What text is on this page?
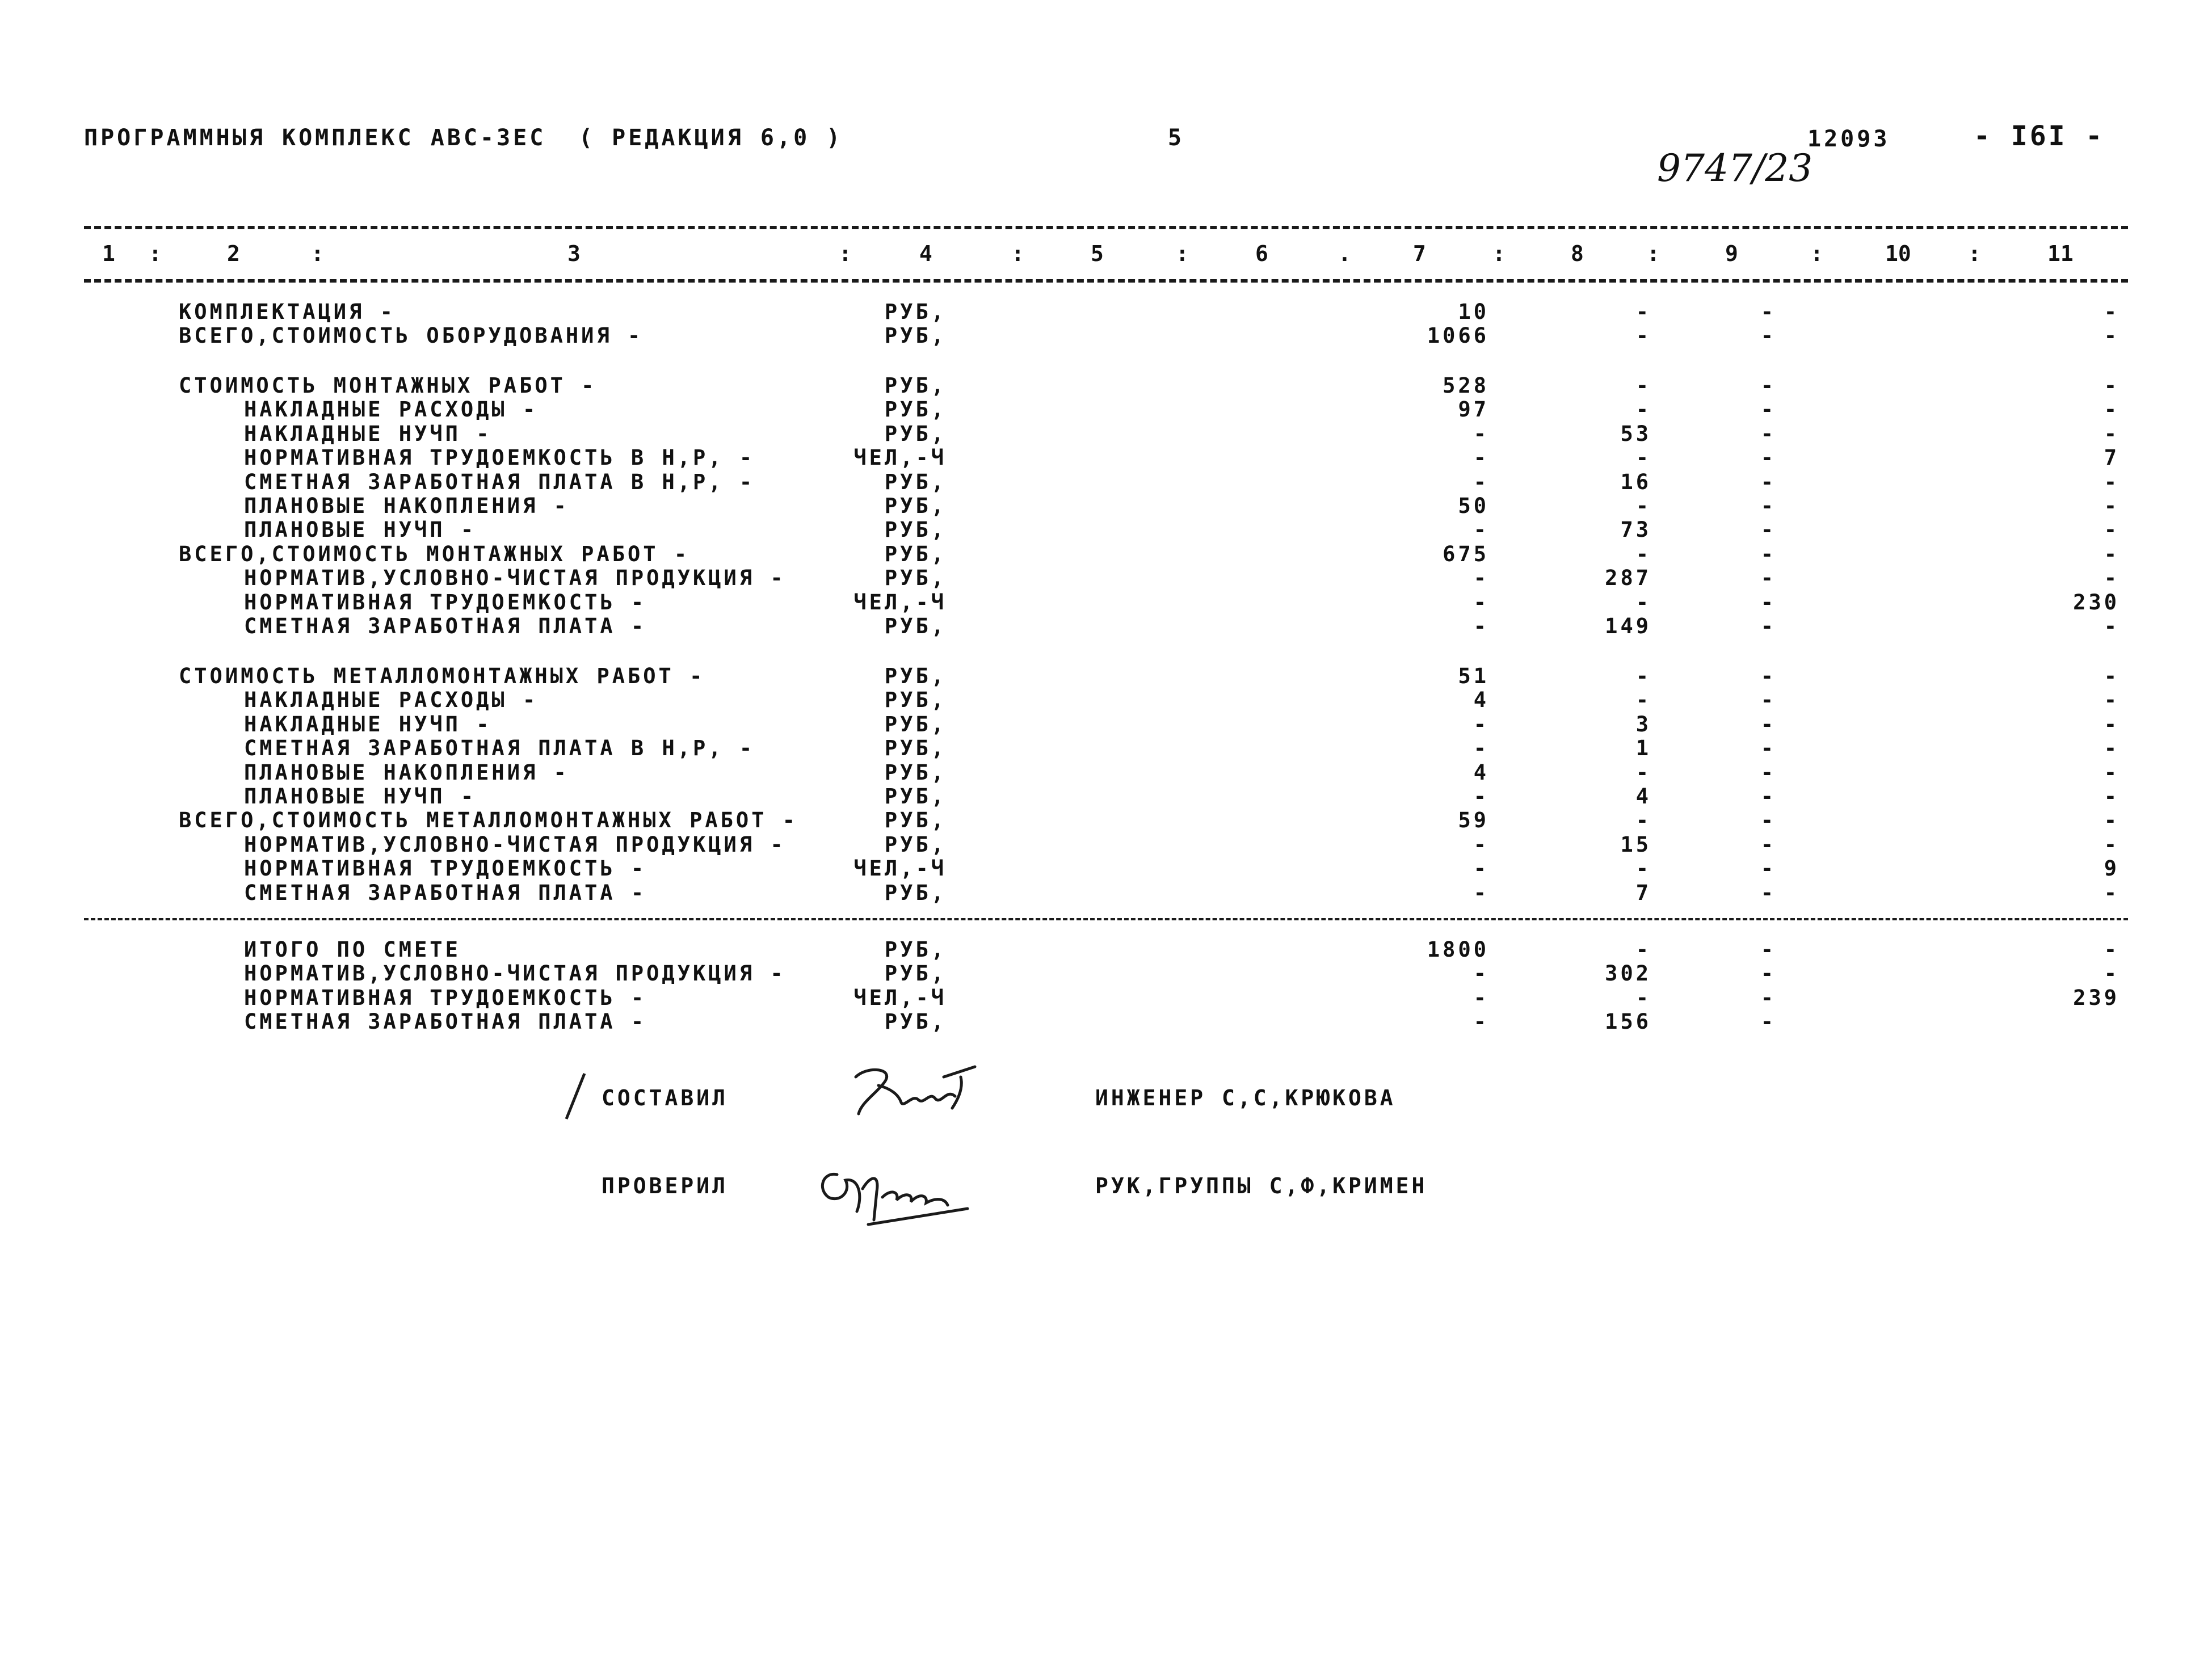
ПРОГРАММНЫЯ КОМПЛЕКС АВС-3ЕС ( РЕДАКЦИЯ 6,0 )	5	12093	- I6I -
9747/23
1 :	2	:	3	:	4	:	5	:	6	.	7	:	8	:	9	:	10	:	11
КОМПЛЕКТАЦИЯ -	РУБ,	10	-	-	-
ВСЕГО,СТОИМОСТЬ ОБОРУДОВАНИЯ -	РУБ,	1066	-	-	-
СТОИМОСТЬ МОНТАЖНЫХ РАБОТ -	РУБ,	528	-	-	-
НАКЛАДНЫЕ РАСХОДЫ -	РУБ,	97	-	-	-
НАКЛАДНЫЕ НУЧП -	РУБ,	-	53	-	-
НОРМАТИВНАЯ ТРУДОЕМКОСТЬ В Н,Р, -	ЧЕЛ,-Ч	-	-	-	7
СМЕТНАЯ ЗАРАБОТНАЯ ПЛАТА В Н,Р, -	РУБ,	-	16	-	-
ПЛАНОВЫЕ НАКОПЛЕНИЯ -	РУБ,	50	-	-	-
ПЛАНОВЫЕ НУЧП -	РУБ,	-	73	-	-
ВСЕГО,СТОИМОСТЬ МОНТАЖНЫХ РАБОТ -	РУБ,	675	-	-	-
НОРМАТИВ,УСЛОВНО-ЧИСТАЯ ПРОДУКЦИЯ -	РУБ,	-	287	-	-
НОРМАТИВНАЯ ТРУДОЕМКОСТЬ -	ЧЕЛ,-Ч	-	-	-	230
СМЕТНАЯ ЗАРАБОТНАЯ ПЛАТА -	РУБ,	-	149	-	-
СТОИМОСТЬ МЕТАЛЛОМОНТАЖНЫХ РАБОТ -	РУБ,	51	-	-	-
НАКЛАДНЫЕ РАСХОДЫ -	РУБ,	4	-	-	-
НАКЛАДНЫЕ НУЧП -	РУБ,	-	3	-	-
СМЕТНАЯ ЗАРАБОТНАЯ ПЛАТА В Н,Р, -	РУБ,	-	1	-	-
ПЛАНОВЫЕ НАКОПЛЕНИЯ -	РУБ,	4	-	-	-
ПЛАНОВЫЕ НУЧП -	РУБ,	-	4	-	-
ВСЕГО,СТОИМОСТЬ МЕТАЛЛОМОНТАЖНЫХ РАБОТ -	РУБ,	59	-	-	-
НОРМАТИВ,УСЛОВНО-ЧИСТАЯ ПРОДУКЦИЯ -	РУБ,	-	15	-	-
НОРМАТИВНАЯ ТРУДОЕМКОСТЬ -	ЧЕЛ,-Ч	-	-	-	9
СМЕТНАЯ ЗАРАБОТНАЯ ПЛАТА -	РУБ,	-	7	-	-
ИТОГО ПО СМЕТЕ	РУБ,	1800	-	-	-
НОРМАТИВ,УСЛОВНО-ЧИСТАЯ ПРОДУКЦИЯ -	РУБ,	-	302	-	-
НОРМАТИВНАЯ ТРУДОЕМКОСТЬ -	ЧЕЛ,-Ч	-	-	-	239
СМЕТНАЯ ЗАРАБОТНАЯ ПЛАТА -	РУБ,	-	156	-
СОСТАВИЛ	ИНЖЕНЕР С,С,КРЮКОВА
ПРОВЕРИЛ	РУК,ГРУППЫ С,Ф,КРИМЕН
